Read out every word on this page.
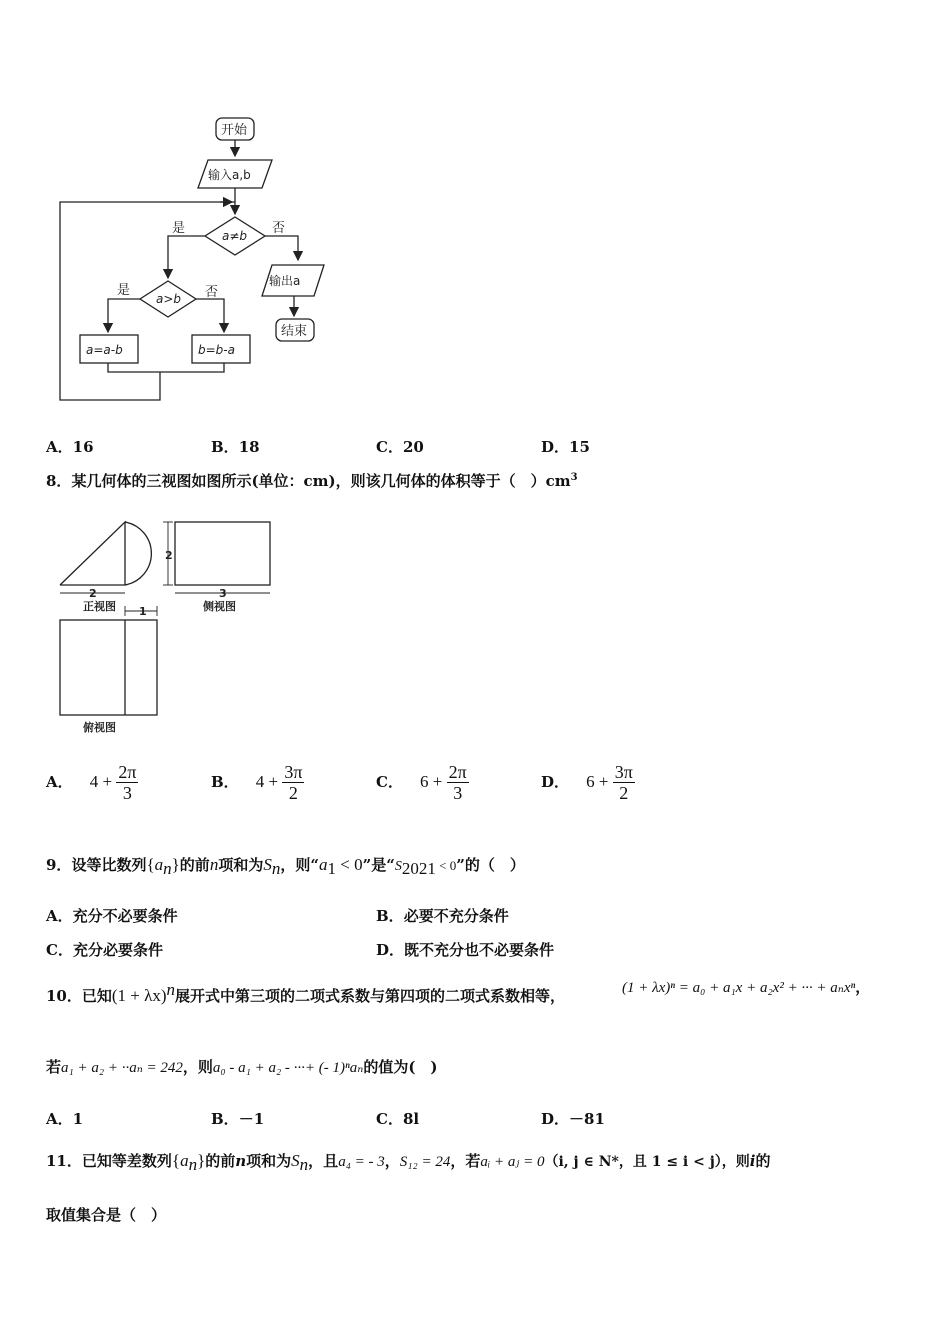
开始
输入a,b
a≠b
是	否
输出a
结束
a>b
是	否
a=a-b	b=b-a
A．16	B．18	C．20	D．15
8．某几何体的三视图如图所示(单位：cm)，则该几何体的体积等于（　）$cm^3$
2
正视图
2
3
侧视图
1
俯视图
A． $4 + \frac{2\pi}{3}$	B． $4 + \frac{3\pi}{2}$	C． $6 + \frac{2\pi}{3}$	D． $6 + \frac{3\pi}{2}$
9．设等比数列$\{a_n\}$的前n项和为$S_n$，则“$a_1 < 0$”是“$S_{2021} < 0$”的（　）
A．充分不必要条件	B．必要不充分条件
C．充分必要条件	D．既不充分也不必要条件
10．已知$(1 + \lambda x)^n$展开式中第三项的二项式系数与第四项的二项式系数相等，	(1 + λx)ⁿ = a₀ + a₁x + a₂x² + ··· + aₙxⁿ，
若a₁ + a₂ + ··aₙ = 242，则a₀ - a₁ + a₂ - ···+ (- 1)ⁿaₙ的值为(　)
A．1	B．－1	C．8l	D．－81
11．已知等差数列$\{a_n\}$的前n项和为$S_n$，且a₄ = - 3，S₁₂ = 24，若aᵢ + aⱼ = 0（i, j ∈ N*，且 1 ≤ i < j），则i的
取值集合是（　）
